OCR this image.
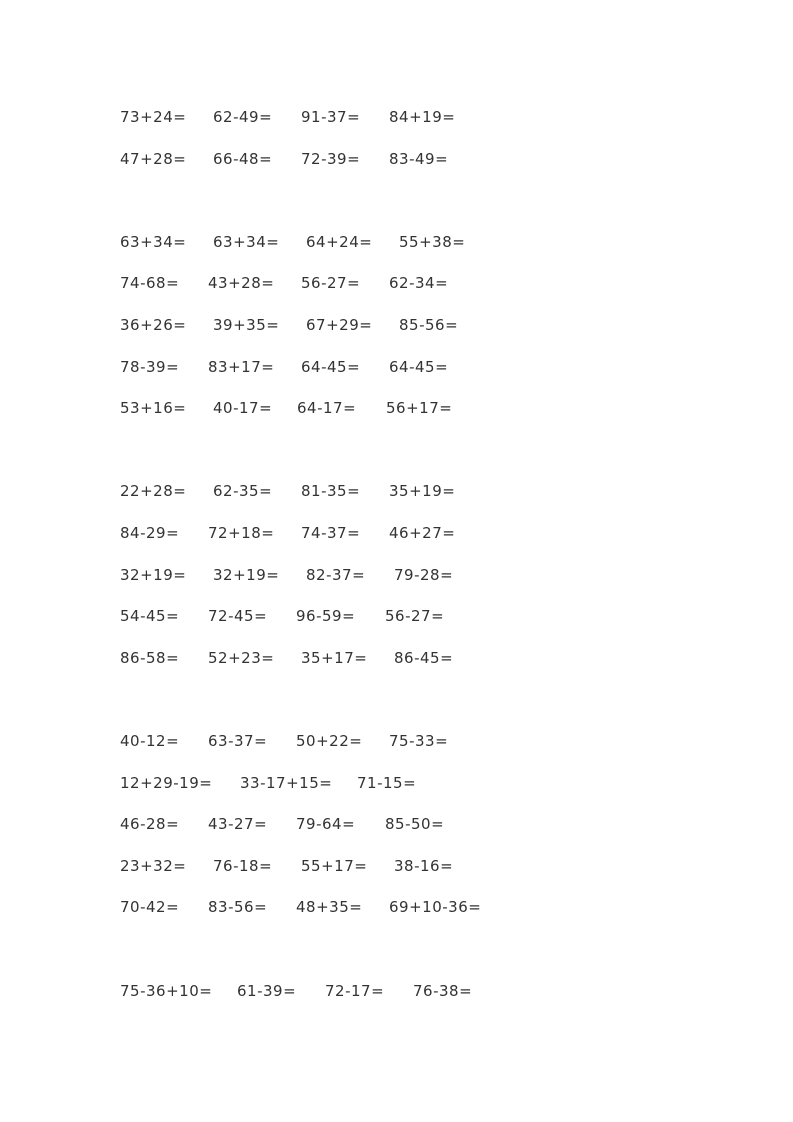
73+24= 62-49= 91-37= 84+19=
47+28= 66-48= 72-39= 83-49=
63+34= 63+34= 64+24= 55+38=
74-68= 43+28= 56-27= 62-34=
36+26= 39+35= 67+29= 85-56=
78-39= 83+17= 64-45= 64-45=
53+16= 40-17= 64-17= 56+17=
22+28= 62-35= 81-35= 35+19=
84-29= 72+18= 74-37= 46+27=
32+19= 32+19= 82-37= 79-28=
54-45= 72-45= 96-59= 56-27=
86-58= 52+23= 35+17= 86-45=
40-12= 63-37= 50+22= 75-33=
12+29-19= 33-17+15= 71-15=
46-28= 43-27= 79-64= 85-50=
23+32= 76-18= 55+17= 38-16=
70-42= 83-56= 48+35= 69+10-36=
75-36+10= 61-39= 72-17= 76-38=
